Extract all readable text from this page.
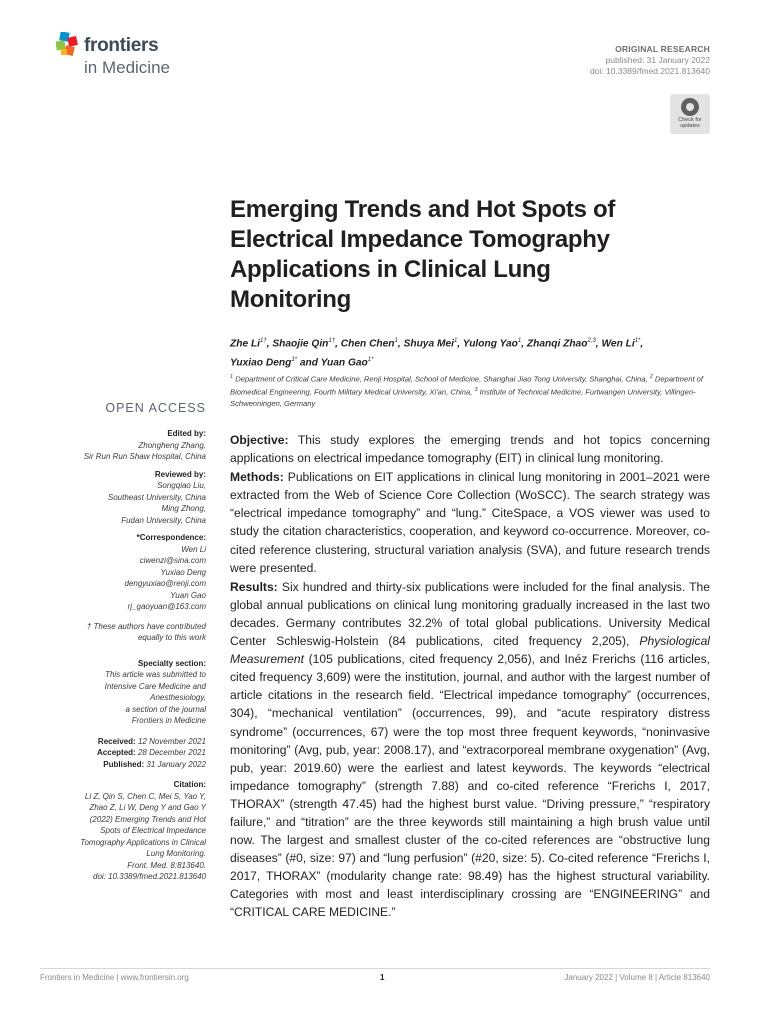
frontiers
in Medicine
ORIGINAL RESEARCH
published: 31 January 2022
doi: 10.3389/fmed.2021.813640
Check for
updates
Emerging Trends and Hot Spots of
Electrical Impedance Tomography
Applications in Clinical Lung
Monitoring
Zhe $Li^{1\dagger}$, Shaojie Qin$^{1\dagger}$, Chen Chen$^1$, Shuya Mei$^1$, Yulong Yao$^1$, Zhanqi Zhao$^{2,3}$, Wen $Li^{1*}$,
Yuxiao Deng$^{1*}$ and Yuan Gao$^{1*}$
$^1$ Department of Critical Care Medicine, Renji Hospital, School of Medicine, Shanghai Jiao Tong University, Shanghai, China, $^2$ Department of Biomedical Engineering, Fourth Military Medical University, Xi'an, China, $^3$ Institute of Technical Medicine, Furtwangen University, Villingen-Schwenningen, Germany
OPEN ACCESS
Edited by:
Zhongheng Zhang,
Sir Run Run Shaw Hospital, China
Reviewed by:
Songqiao Liu,
Southeast University, China
Ming Zhong,
Fudan University, China
*Correspondence:
Wen Li
ciwenzi@sina.com
Yuxiao Deng
dengyuxiao@renji.com
Yuan Gao
rj_gaoyuan@163.com
† These authors have contributed
equally to this work
Specialty section:
This article was submitted to
Intensive Care Medicine and
Anesthesiology,
a section of the journal
Frontiers in Medicine
Received: 12 November 2021
Accepted: 28 December 2021
Published: 31 January 2022
Citation:
Li Z, Qin S, Chen C, Mei S, Yao Y,
Zhao Z, Li W, Deng Y and Gao Y
(2022) Emerging Trends and Hot
Spots of Electrical Impedance
Tomography Applications in Clinical
Lung Monitoring.
Front. Med. 8:813640.
doi: 10.3389/fmed.2021.813640

Objective: This study explores the emerging trends and hot topics concerning applications on electrical impedance tomography (EIT) in clinical lung monitoring.

Methods: Publications on EIT applications in clinical lung monitoring in 2001–2021 were extracted from the Web of Science Core Collection (WoSCC). The search strategy was “electrical impedance tomography” and “lung.” CiteSpace, a VOS viewer was used to study the citation characteristics, cooperation, and keyword co-occurrence. Moreover, co-cited reference clustering, structural variation analysis (SVA), and future research trends were presented.

Results: Six hundred and thirty-six publications were included for the final analysis. The global annual publications on clinical lung monitoring gradually increased in the last two decades. Germany contributes 32.2% of total global publications. University Medical Center Schleswig-Holstein (84 publications, cited frequency 2,205), Physiological Measurement (105 publications, cited frequency 2,056), and Inéz Frerichs (116 articles, cited frequency 3,609) were the institution, journal, and author with the largest number of article citations in the research field. “Electrical impedance tomography” (occurrences, 304), “mechanical ventilation” (occurrences, 99), and “acute respiratory distress syndrome” (occurrences, 67) were the top most three frequent keywords, “noninvasive monitoring” (Avg, pub, year: 2008.17), and “extracorporeal membrane oxygenation” (Avg, pub, year: 2019.60) were the earliest and latest keywords. The keywords “electrical impedance tomography” (strength 7.88) and co-cited reference “Frerichs I, 2017, THORAX” (strength 47.45) had the highest burst value. “Driving pressure,” “respiratory failure,” and “titration” are the three keywords still maintaining a high brush value until now. The largest and smallest cluster of the co-cited references are “obstructive lung diseases” (#0, size: 97) and “lung perfusion” (#20, size: 5). Co-cited reference “Frerichs I, 2017, THORAX” (modularity change rate: 98.49) has the highest structural variability. Categories with most and least interdisciplinary crossing are “ENGINEERING” and “CRITICAL CARE MEDICINE.”

Frontiers in Medicine | www.frontiersin.org	1	January 2022 | Volume 8 | Article 813640
